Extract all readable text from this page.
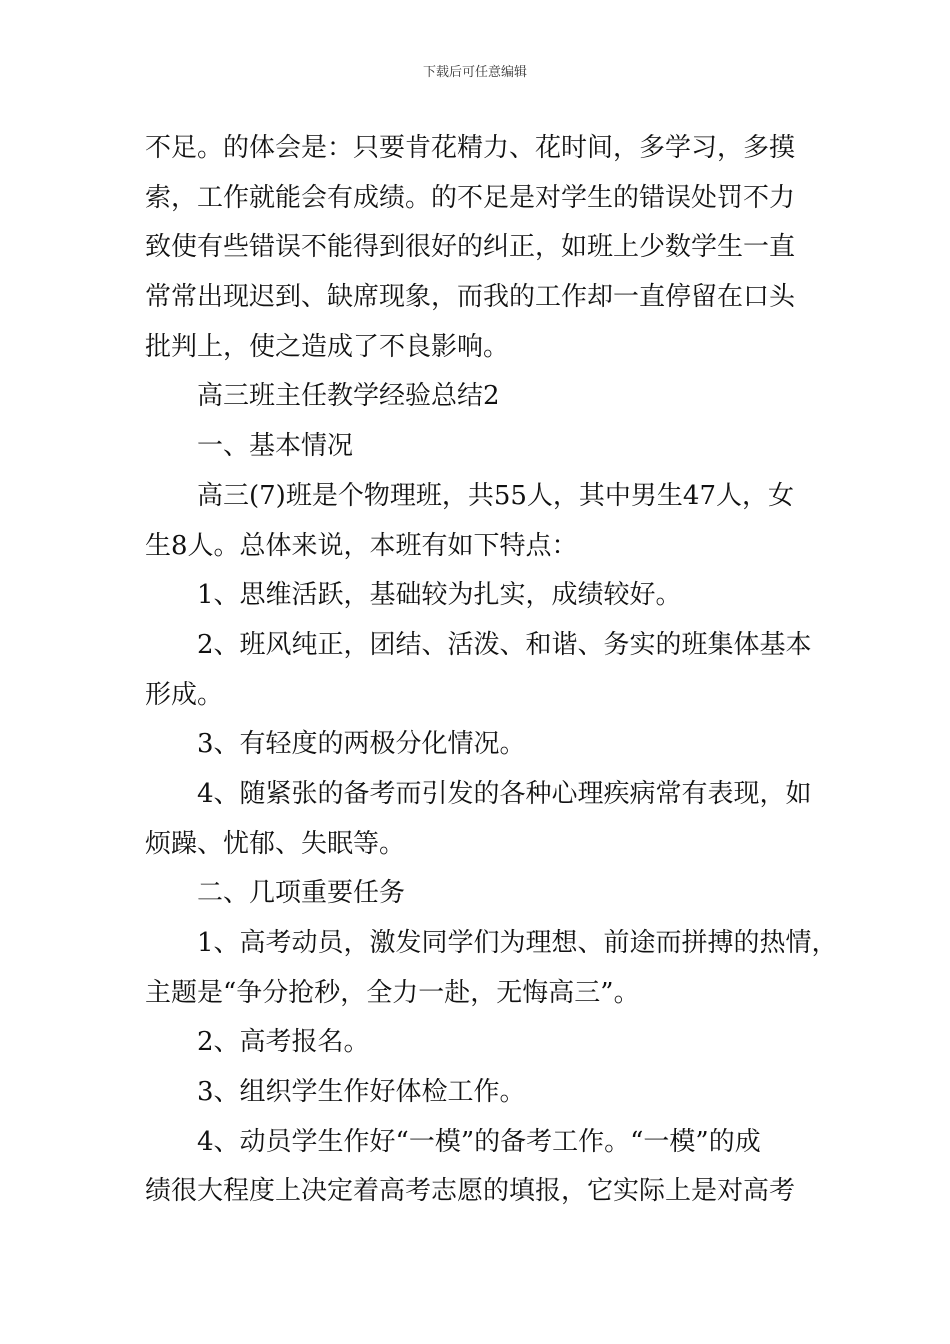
下载后可任意编辑
不足。的体会是：只要肯花精力、花时间，多学习，多摸
索，工作就能会有成绩。的不足是对学生的错误处罚不力
致使有些错误不能得到很好的纠正，如班上少数学生一直
常常出现迟到、缺席现象，而我的工作却一直停留在口头
批判上，使之造成了不良影响。
高三班主任教学经验总结2
一、基本情况
高三(7)班是个物理班，共55人，其中男生47人，女
生8人。总体来说，本班有如下特点：
1、思维活跃，基础较为扎实，成绩较好。
2、班风纯正，团结、活泼、和谐、务实的班集体基本
形成。
3、有轻度的两极分化情况。
4、随紧张的备考而引发的各种心理疾病常有表现，如
烦躁、忧郁、失眠等。
二、几项重要任务
1、高考动员，激发同学们为理想、前途而拼搏的热情，
主题是“争分抢秒，全力一赴，无悔高三”。
2、高考报名。
3、组织学生作好体检工作。
4、动员学生作好“一模”的备考工作。“一模”的成
绩很大程度上决定着高考志愿的填报，它实际上是对高考
